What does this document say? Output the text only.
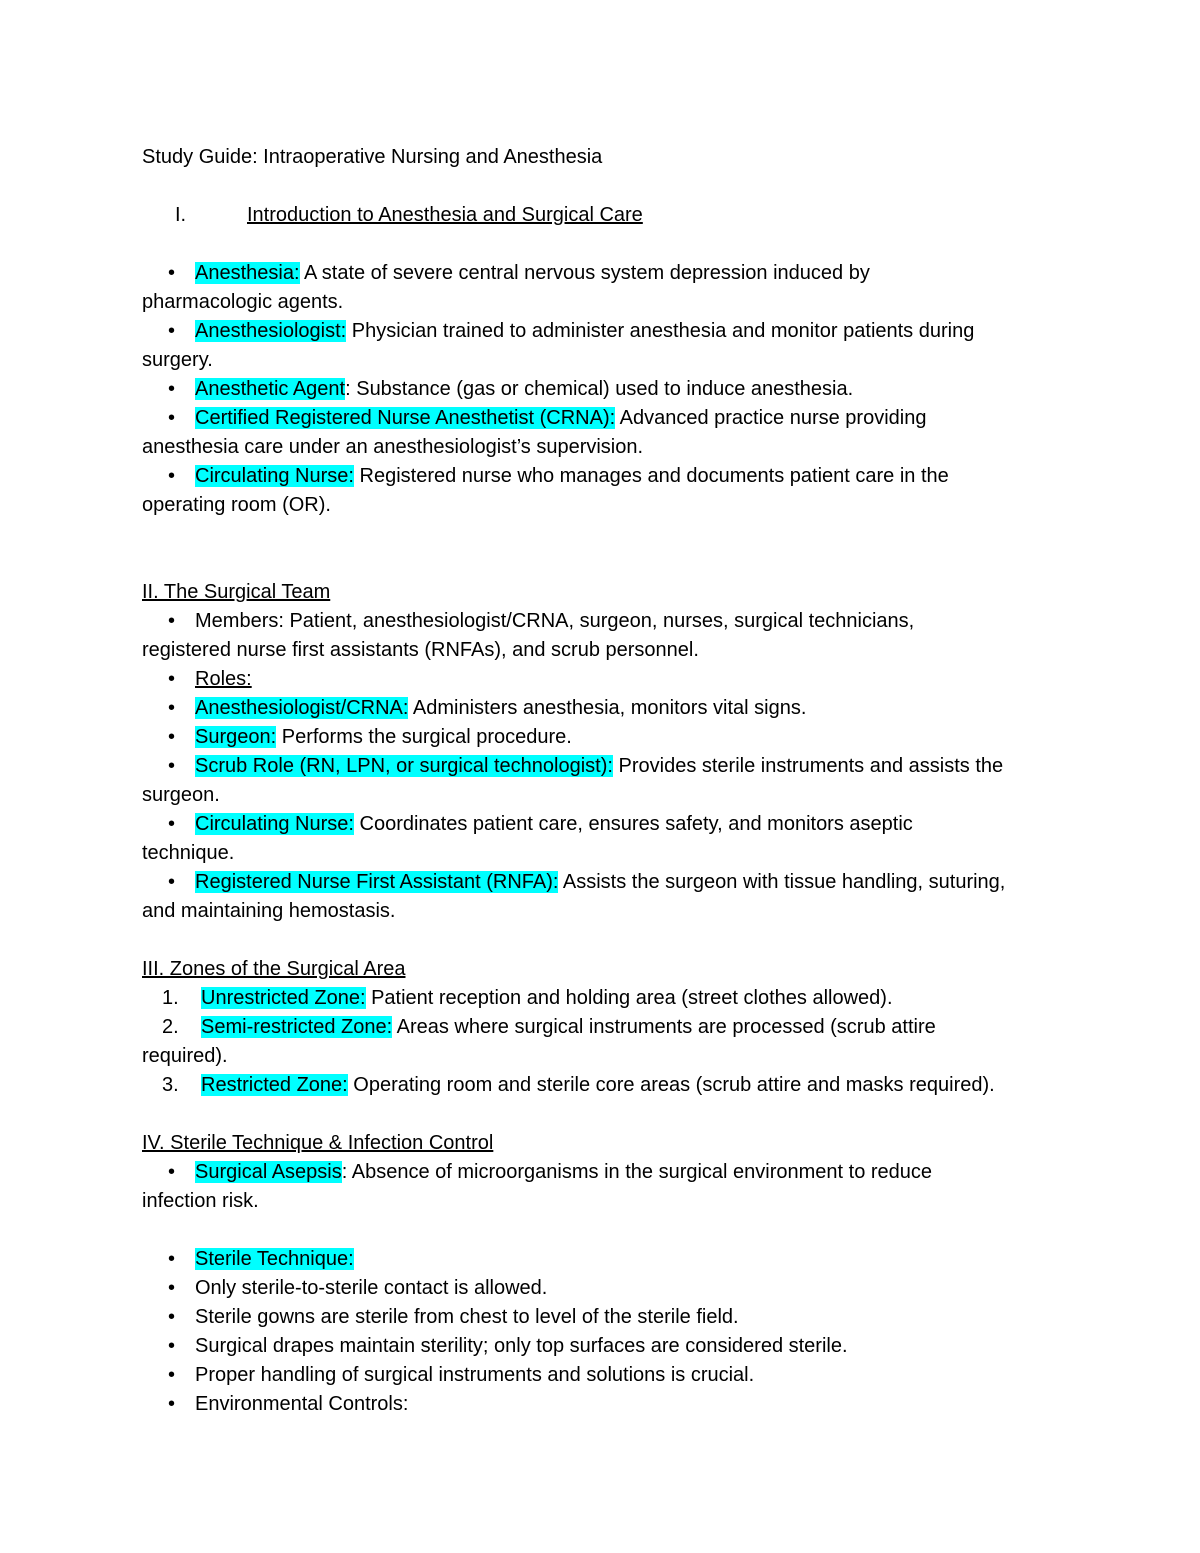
Study Guide: Intraoperative Nursing and Anesthesia

I.	Introduction to Anesthesia and Surgical Care

• Anesthesia: A state of severe central nervous system depression induced by

pharmacologic agents.

• Anesthesiologist: Physician trained to administer anesthesia and monitor patients during

surgery.

• Anesthetic Agent: Substance (gas or chemical) used to induce anesthesia.

• Certified Registered Nurse Anesthetist (CRNA): Advanced practice nurse providing

anesthesia care under an anesthesiologist’s supervision.

• Circulating Nurse: Registered nurse who manages and documents patient care in the

operating room (OR).

II. The Surgical Team

• Members: Patient, anesthesiologist/CRNA, surgeon, nurses, surgical technicians,

registered nurse first assistants (RNFAs), and scrub personnel.

• Roles:

• Anesthesiologist/CRNA: Administers anesthesia, monitors vital signs.

• Surgeon: Performs the surgical procedure.

• Scrub Role (RN, LPN, or surgical technologist): Provides sterile instruments and assists the

surgeon.

• Circulating Nurse: Coordinates patient care, ensures safety, and monitors aseptic

technique.

• Registered Nurse First Assistant (RNFA): Assists the surgeon with tissue handling, suturing,

and maintaining hemostasis.

III. Zones of the Surgical Area

1. Unrestricted Zone: Patient reception and holding area (street clothes allowed).

2. Semi-restricted Zone: Areas where surgical instruments are processed (scrub attire

required).

3. Restricted Zone: Operating room and sterile core areas (scrub attire and masks required).

IV. Sterile Technique & Infection Control

• Surgical Asepsis: Absence of microorganisms in the surgical environment to reduce

infection risk.

• Sterile Technique:

• Only sterile-to-sterile contact is allowed.

• Sterile gowns are sterile from chest to level of the sterile field.

• Surgical drapes maintain sterility; only top surfaces are considered sterile.

• Proper handling of surgical instruments and solutions is crucial.

• Environmental Controls:
